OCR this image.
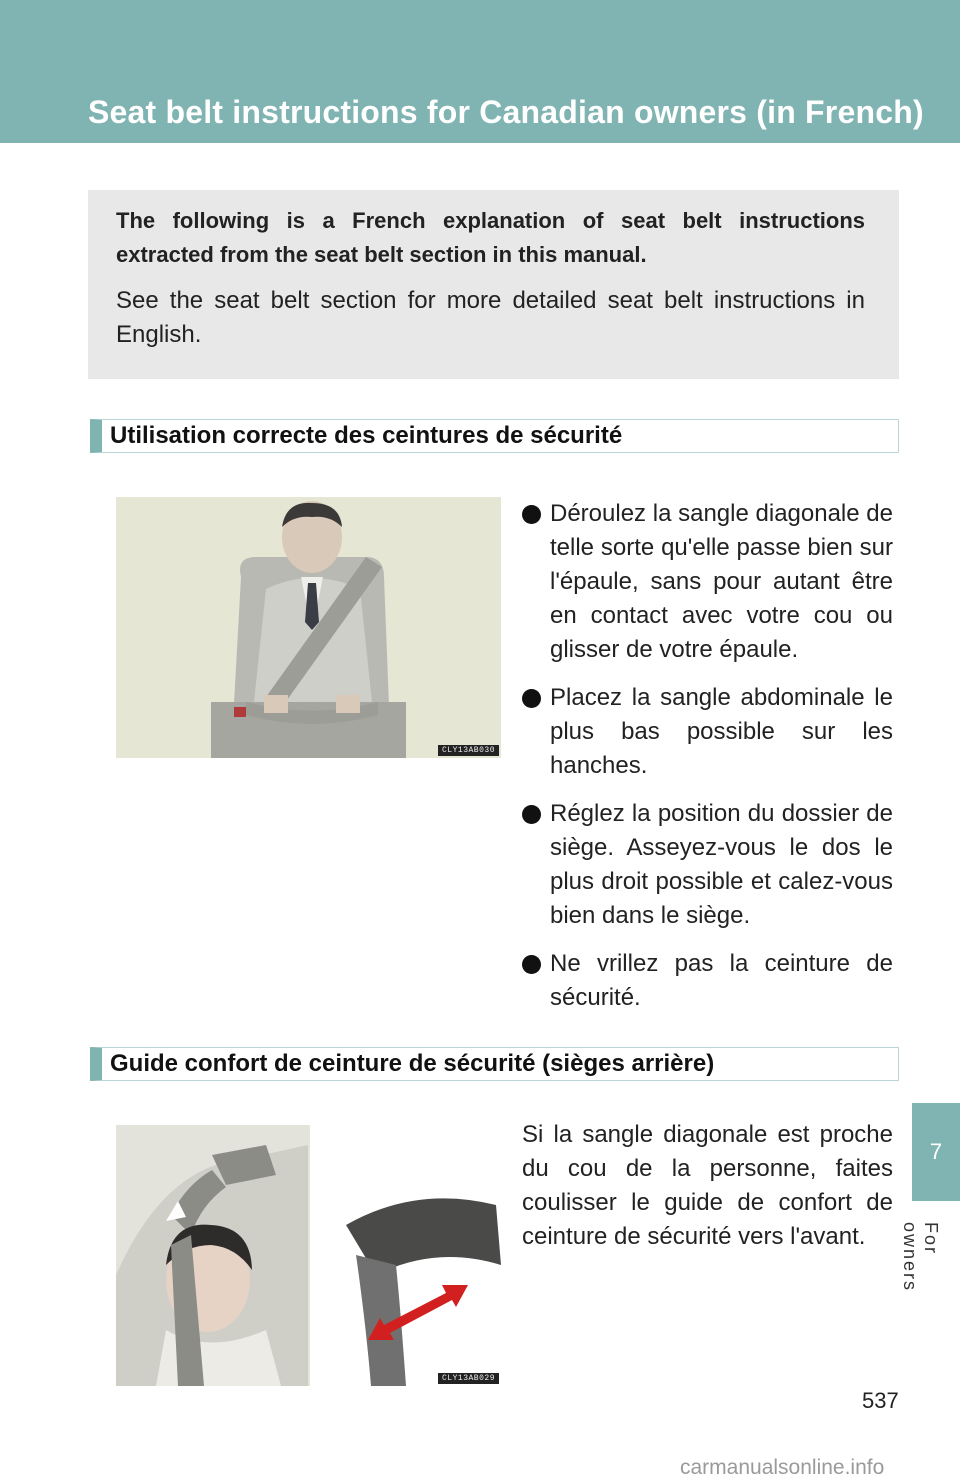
Seat belt instructions for Canadian owners (in French)

The following is a French explanation of seat belt instructions extracted from the seat belt section in this manual.

See the seat belt section for more detailed seat belt instructions in English.

Utilisation correcte des ceintures de sécurité
CLY13AB030
Déroulez la sangle diagonale de telle sorte qu'elle passe bien sur l'épaule, sans pour autant être en contact avec votre cou ou glisser de votre épaule.
Placez la sangle abdominale le plus bas possible sur les hanches.
Réglez la position du dossier de siège. Asseyez-vous le dos le plus droit possible et calez-vous bien dans le siège.
Ne vrillez pas la ceinture de sécurité.
Guide confort de ceinture de sécurité (sièges arrière)
CLY13AB029

Si la sangle diagonale est proche du cou de la personne, faites coulisser le guide de confort de ceinture de sécurité vers l'avant.

7
For owners
537
carmanualsonline.info
